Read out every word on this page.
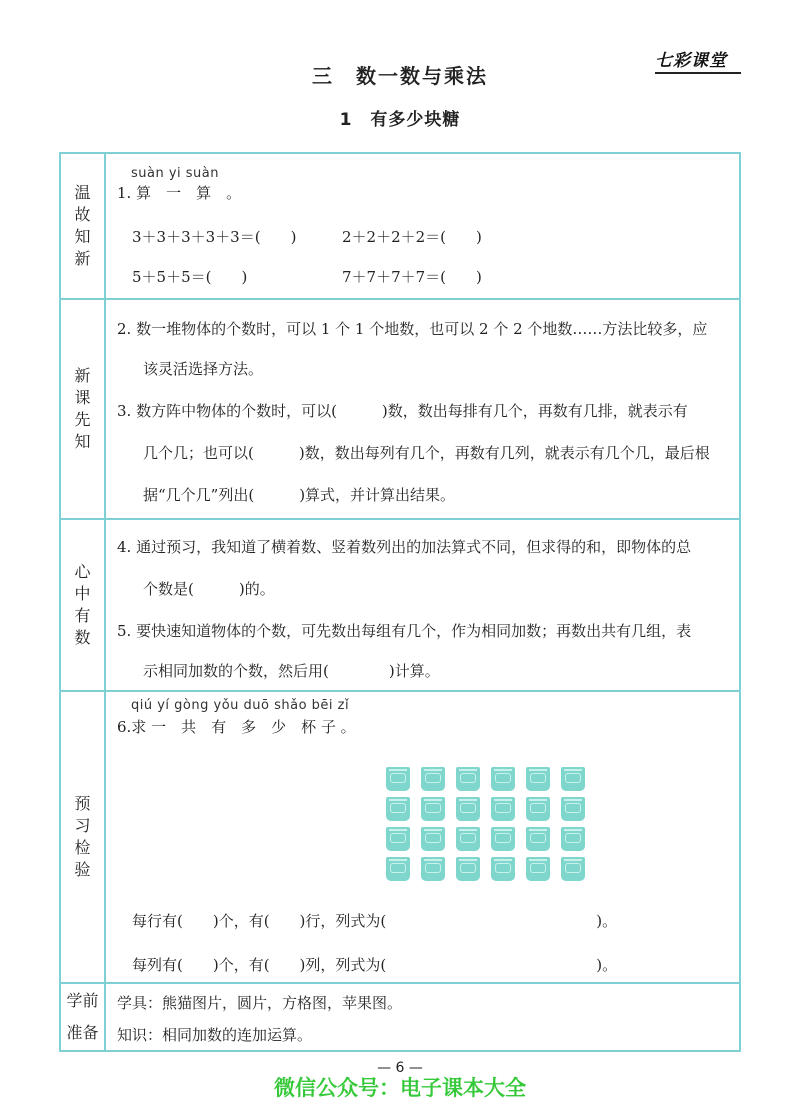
七彩课堂
三　数一数与乘法
1　有多少块糖
温故知新
suàn yi suàn
1. 算　一　算　。
3＋3＋3＋3＋3＝(　　)	2＋2＋2＋2＝(　　)
5＋5＋5＝(　　)	7＋7＋7＋7＝(　　)
新课先知
2. 数一堆物体的个数时，可以 1 个 1 个地数，也可以 2 个 2 个地数……方法比较多，应
该灵活选择方法。
3. 数方阵中物体的个数时，可以(　　　)数，数出每排有几个，再数有几排，就表示有
几个几；也可以(　　　)数，数出每列有几个，再数有几列，就表示有几个几，最后根
据“几个几”列出(　　　)算式，并计算出结果。
心中有数
4. 通过预习，我知道了横着数、竖着数列出的加法算式不同，但求得的和，即物体的总
个数是(　　　)的。
5. 要快速知道物体的个数，可先数出每组有几个，作为相同加数；再数出共有几组，表
示相同加数的个数，然后用(　　　　)计算。
预习检验
qiú yí gòng yǒu duō shǎo bēi zǐ
6.求 一　共　有　多　少　杯 子 。
每行有(　　)个，有(　　)行，列式为(　　　　　　　　　　　　　　)。
每列有(　　)个，有(　　)列，列式为(　　　　　　　　　　　　　　)。
学前
准备
学具：熊猫图片，圆片，方格图，苹果图。
知识：相同加数的连加运算。
— 6 —
微信公众号：电子课本大全
